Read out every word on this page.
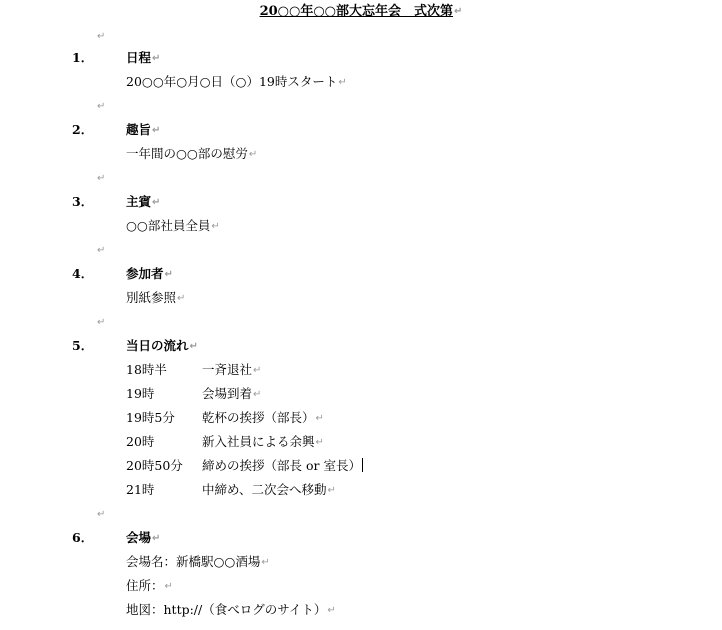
20○○年○○部大忘年会　式次第↵
↵
1．	日程↵
20○○年○月○日（○）19時スタート↵
↵
2．	趣旨↵
一年間の○○部の慰労↵
↵
3．	主賓↵
○○部社員全員↵
↵
4．	参加者↵
別紙参照↵
↵
5．	当日の流れ↵
18時半	一斉退社↵
19時	会場到着↵
19時5分 乾杯の挨拶（部長）↵
20時	新入社員による余興↵
20時50分 締めの挨拶（部長 or 室長）
21時	中締め、二次会へ移動↵
↵
6．	会場↵
会場名：新橋駅○○酒場↵
住所：↵
地図：http://（食べログのサイト）↵
